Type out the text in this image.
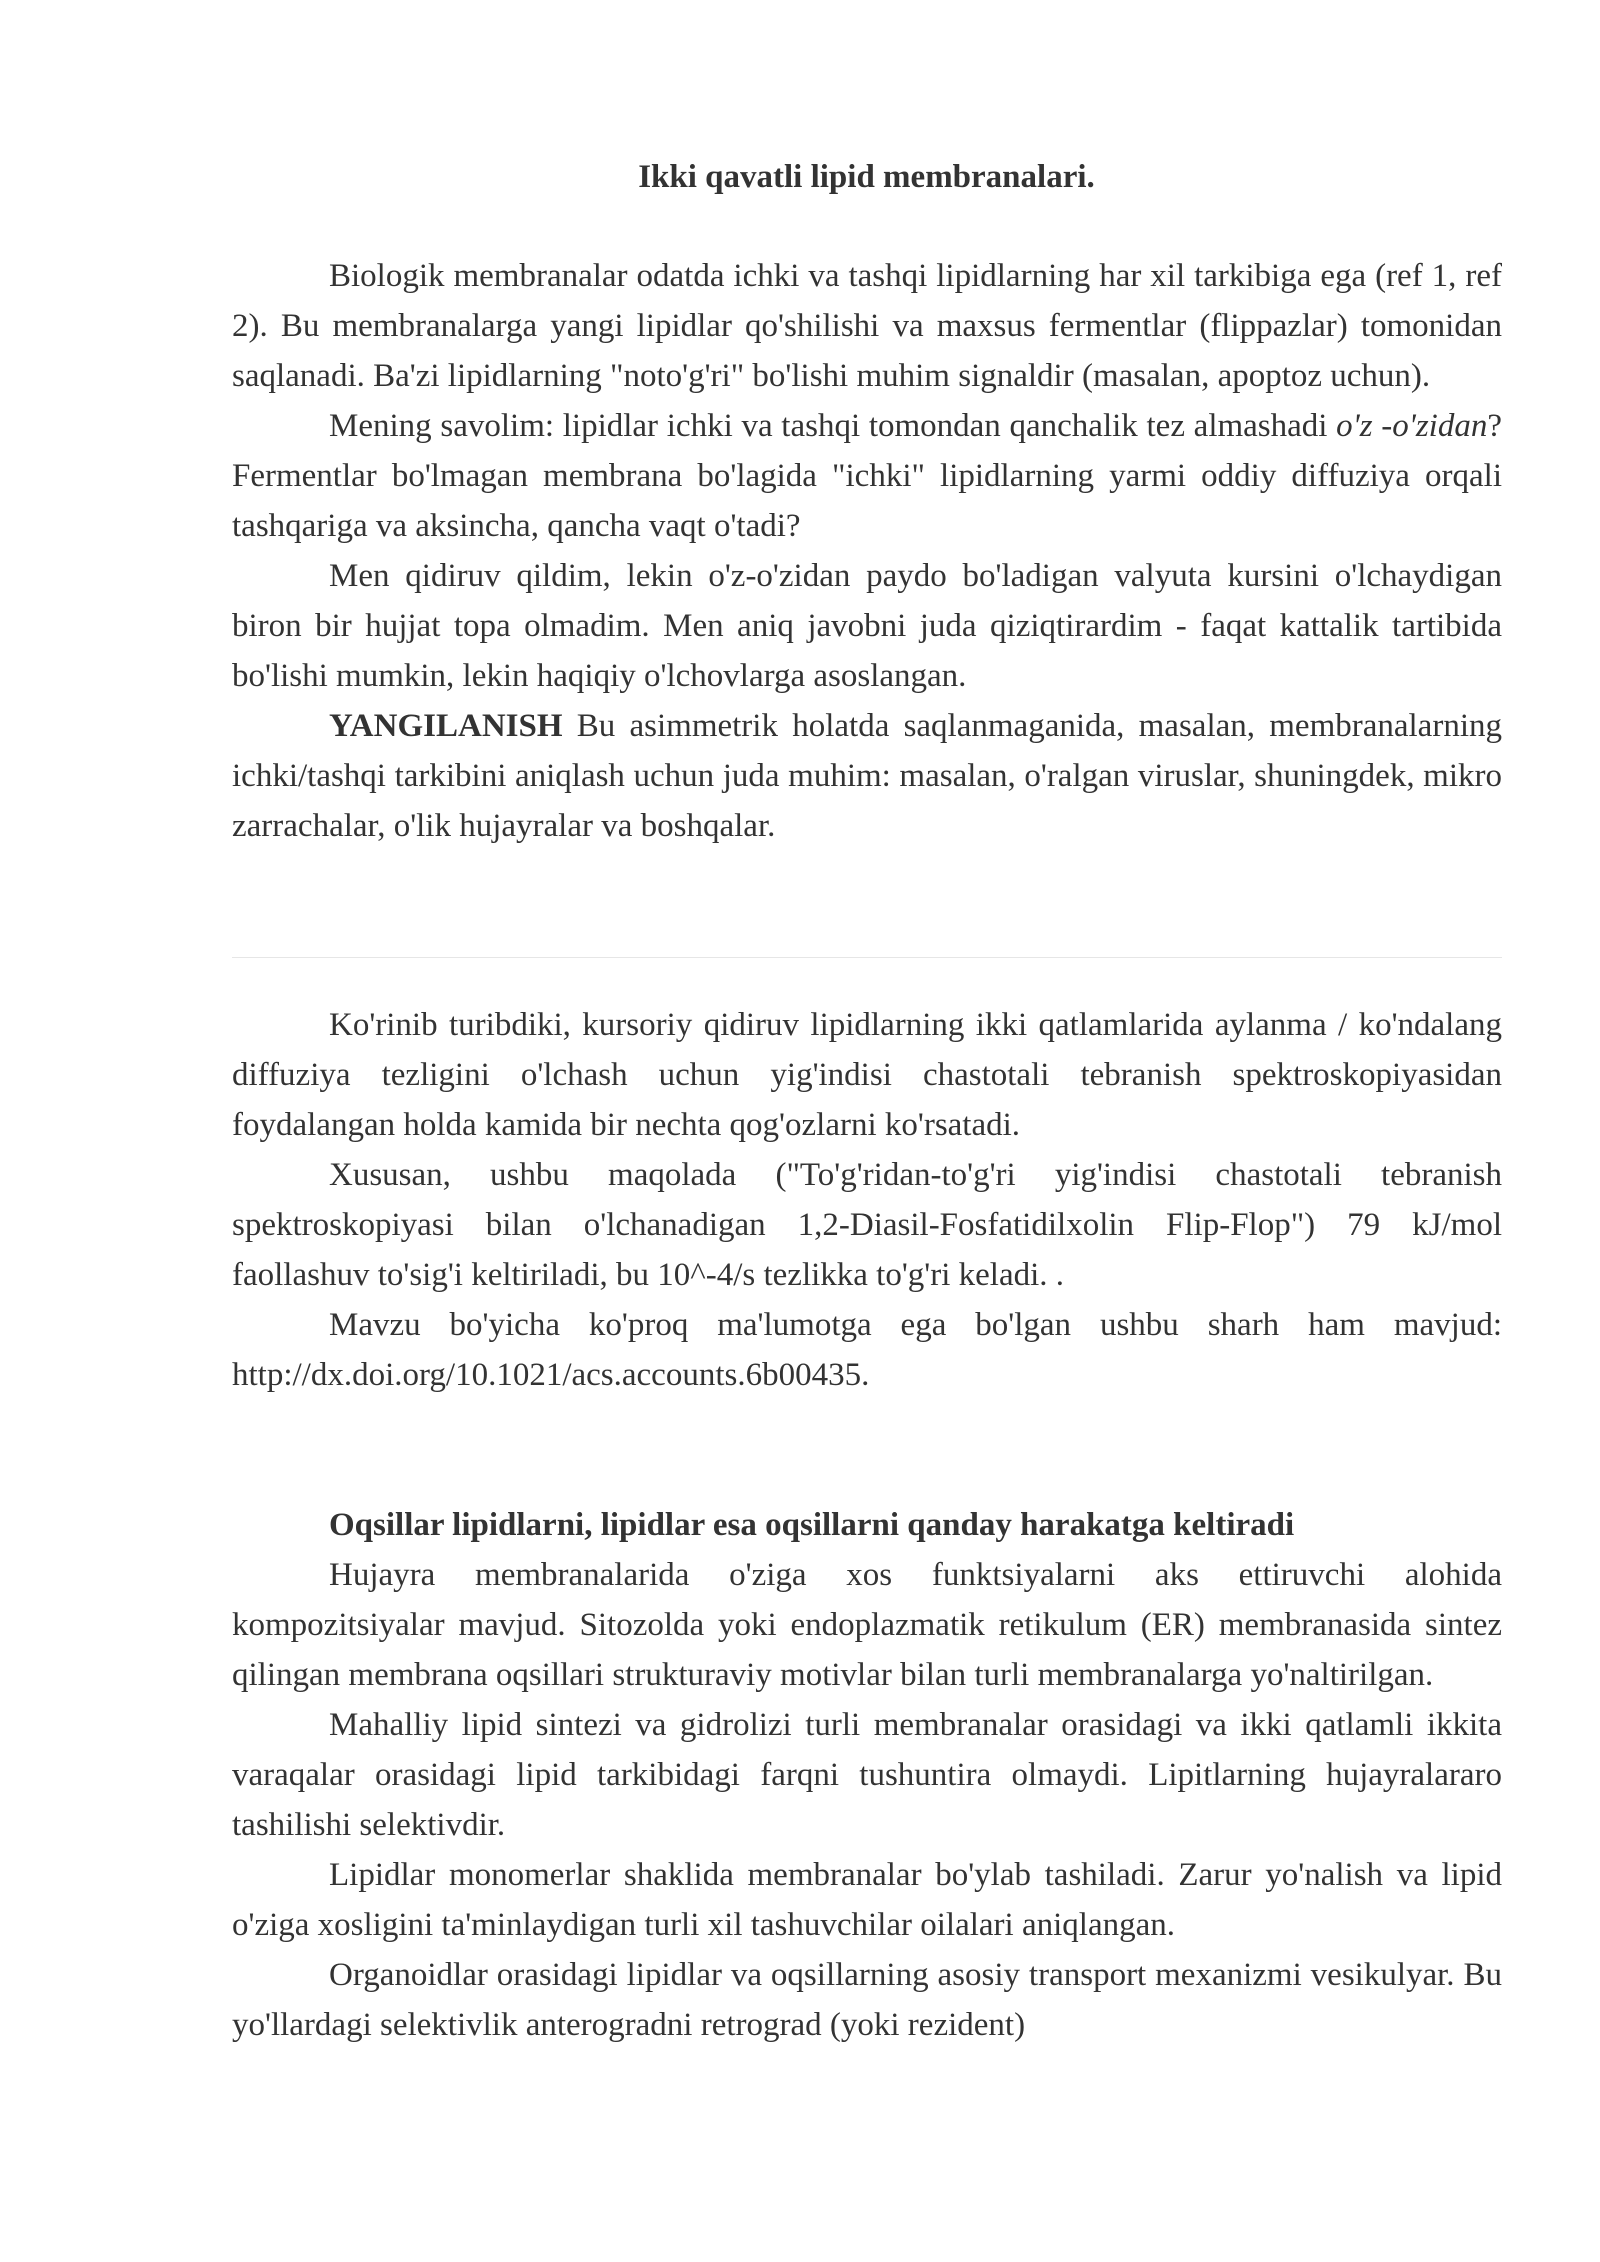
Ikki qavatli lipid membranalari.

Biologik membranalar odatda ichki va tashqi lipidlarning har xil tarkibiga ega (ref 1, ref 2). Bu membranalarga yangi lipidlar qo'shilishi va maxsus fermentlar (flippazlar) tomonidan saqlanadi. Ba'zi lipidlarning "noto'g'ri" bo'lishi muhim signaldir (masalan, apoptoz uchun).

Mening savolim: lipidlar ichki va tashqi tomondan qanchalik tez almashadi o'z -o'zidan? Fermentlar bo'lmagan membrana bo'lagida "ichki" lipidlarning yarmi oddiy diffuziya orqali tashqariga va aksincha, qancha vaqt o'tadi?

Men qidiruv qildim, lekin o'z-o'zidan paydo bo'ladigan valyuta kursini o'lchaydigan biron bir hujjat topa olmadim. Men aniq javobni juda qiziqtirardim - faqat kattalik tartibida bo'lishi mumkin, lekin haqiqiy o'lchovlarga asoslangan.

YANGILANISH Bu asimmetrik holatda saqlanmaganida, masalan, membranalarning ichki/tashqi tarkibini aniqlash uchun juda muhim: masalan, o'ralgan viruslar, shuningdek, mikro zarrachalar, o'lik hujayralar va boshqalar.

Ko'rinib turibdiki, kursoriy qidiruv lipidlarning ikki qatlamlarida aylanma / ko'ndalang diffuziya tezligini o'lchash uchun yig'indisi chastotali tebranish spektroskopiyasidan foydalangan holda kamida bir nechta qog'ozlarni ko'rsatadi.

Xususan, ushbu maqolada ("To'g'ridan-to'g'ri yig'indisi chastotali tebranish spektroskopiyasi bilan o'lchanadigan 1,2-Diasil-Fosfatidilxolin Flip-Flop") 79 kJ/mol faollashuv to'sig'i keltiriladi, bu 10^-4/s tezlikka to'g'ri keladi. .

Mavzu bo'yicha ko'proq ma'lumotga ega bo'lgan ushbu sharh ham mavjud: http://dx.doi.org/10.1021/acs.accounts.6b00435.

Oqsillar lipidlarni, lipidlar esa oqsillarni qanday harakatga keltiradi

Hujayra membranalarida o'ziga xos funktsiyalarni aks ettiruvchi alohida kompozitsiyalar mavjud. Sitozolda yoki endoplazmatik retikulum (ER) membranasida sintez qilingan membrana oqsillari strukturaviy motivlar bilan turli membranalarga yo'naltirilgan.

Mahalliy lipid sintezi va gidrolizi turli membranalar orasidagi va ikki qatlamli ikkita varaqalar orasidagi lipid tarkibidagi farqni tushuntira olmaydi. Lipitlarning hujayralararo tashilishi selektivdir.

Lipidlar monomerlar shaklida membranalar bo'ylab tashiladi. Zarur yo'nalish va lipid o'ziga xosligini ta'minlaydigan turli xil tashuvchilar oilalari aniqlangan.

Organoidlar orasidagi lipidlar va oqsillarning asosiy transport mexanizmi vesikulyar. Bu yo'llardagi selektivlik anterogradni retrograd (yoki rezident)
